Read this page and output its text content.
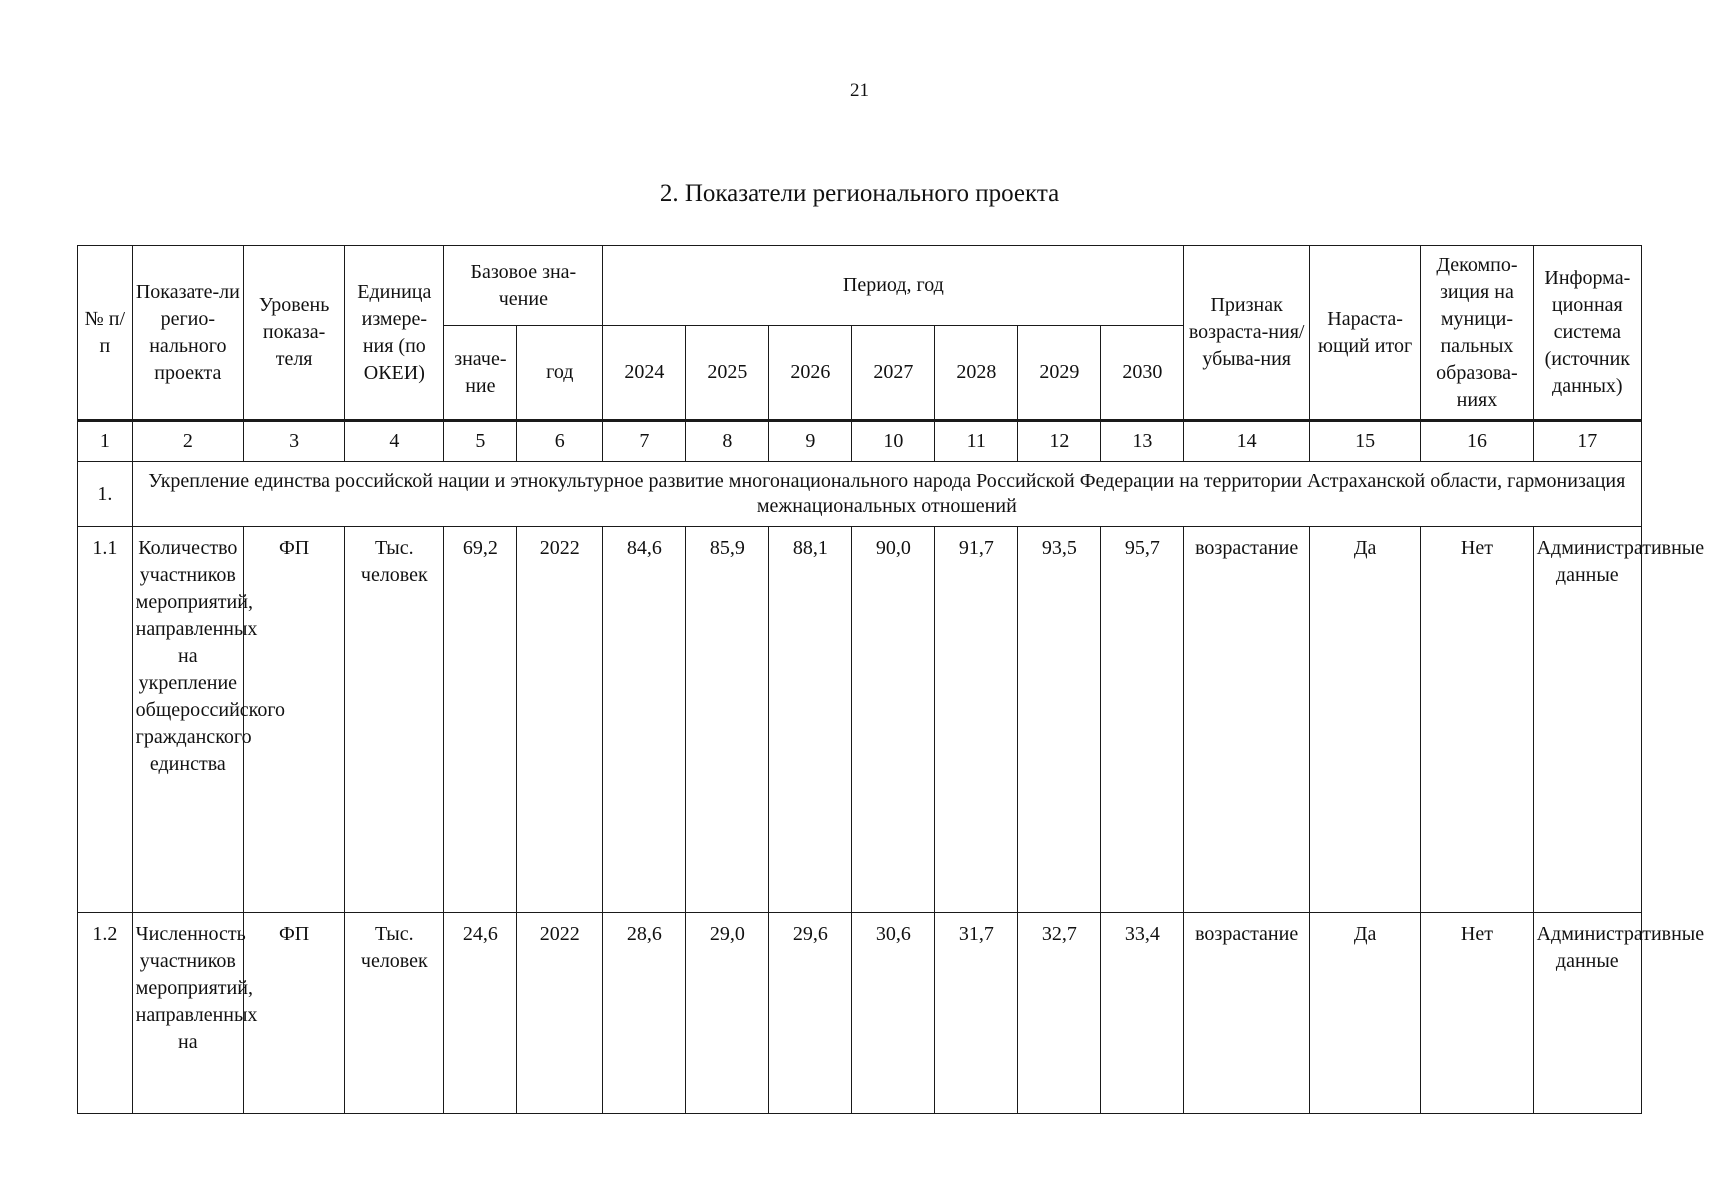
21
2. Показатели регионального проекта
№ п/п	Показате-ли регио-нального проекта	Уровень показа-теля	Единица измере-ния (по ОКЕИ)	Базовое зна-чение		Период, год							Признак возраста-ния/убыва-ния	Нараста-ющий итог	Декомпо-зиция на муници-пальных образова-ниях	Информа-ционная система (источник данных)
				значе-ние	год	2024	2025	2026	2027	2028	2029	2030				
1	2	3	4	5	6	7	8	9	10	11	12	13	14	15	16	17
1.	Укрепление единства российской нации и этнокультурное развитие многонационального народа Российской Федерации на территории Астраханской области, гармонизация межнациональных отношений															
1.1	Количество участников мероприятий, направленных на укрепление общероссийского гражданского единства	ФП	Тыс. человек	69,2	2022	84,6	85,9	88,1	90,0	91,7	93,5	95,7	возрастание	Да	Нет	Административные данные
1.2	Численность участников мероприятий, направленных на	ФП	Тыс. человек	24,6	2022	28,6	29,0	29,6	30,6	31,7	32,7	33,4	возрастание	Да	Нет	Административные данные
